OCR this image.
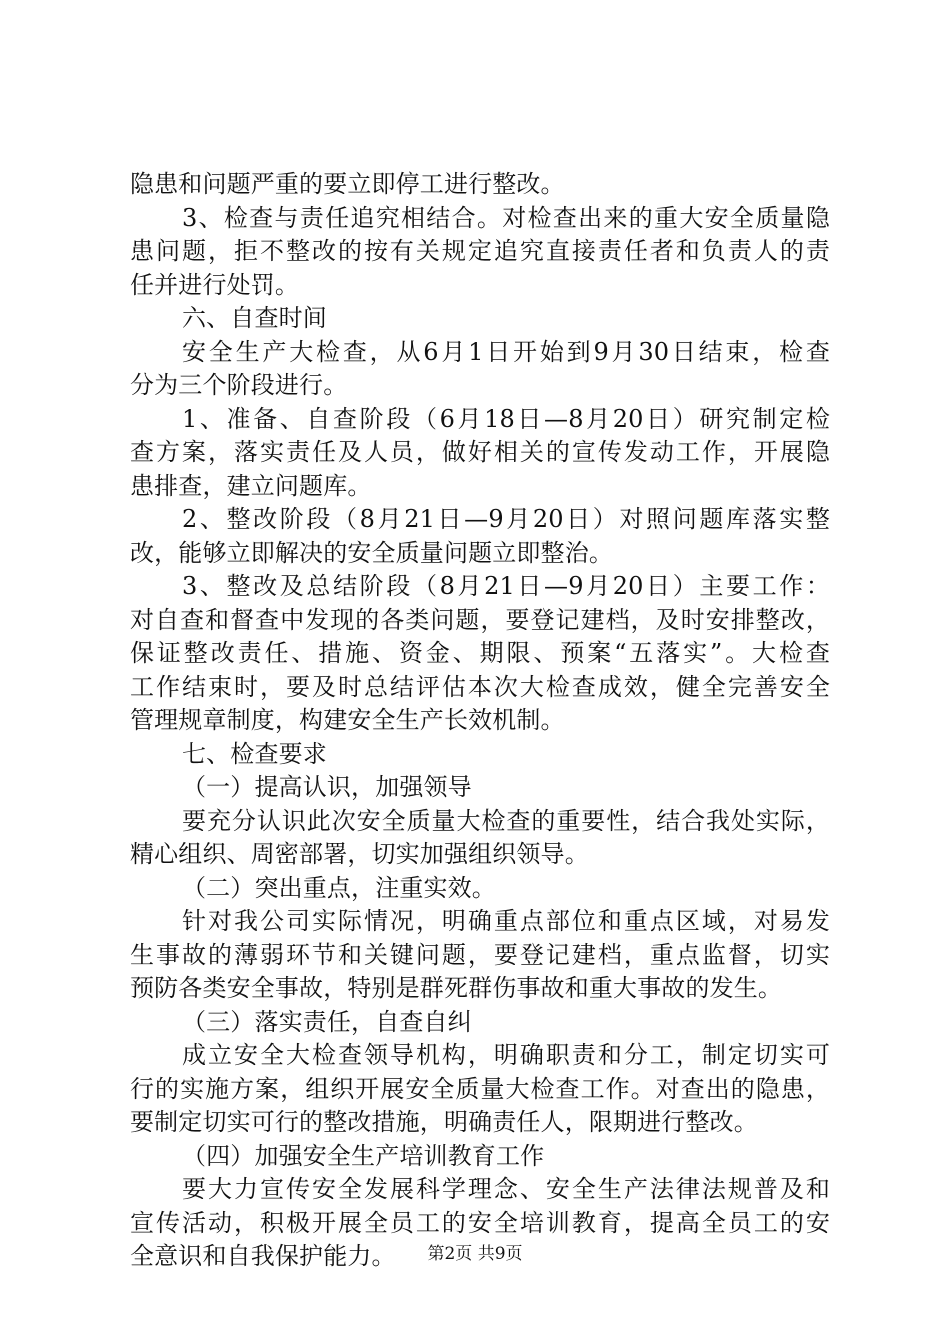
隐患和问题严重的要立即停工进行整改。
3、检查与责任追究相结合。对检查出来的重大安全质量隐
患问题，拒不整改的按有关规定追究直接责任者和负责人的责
任并进行处罚。
六、自查时间
安全生产大检查，从6月1日开始到9月30日结束，检查
分为三个阶段进行。
1、准备、自查阶段（6月18日—8月20日）研究制定检
查方案，落实责任及人员，做好相关的宣传发动工作，开展隐
患排查，建立问题库。
2、整改阶段（8月21日—9月20日）对照问题库落实整
改，能够立即解决的安全质量问题立即整治。
3、整改及总结阶段（8月21日—9月20日）主要工作：
对自查和督查中发现的各类问题，要登记建档，及时安排整改，
保证整改责任、措施、资金、期限、预案“五落实”。大检查
工作结束时，要及时总结评估本次大检查成效，健全完善安全
管理规章制度，构建安全生产长效机制。
七、检查要求
（一）提高认识，加强领导
要充分认识此次安全质量大检查的重要性，结合我处实际，
精心组织、周密部署，切实加强组织领导。
（二）突出重点，注重实效。
针对我公司实际情况，明确重点部位和重点区域，对易发
生事故的薄弱环节和关键问题，要登记建档，重点监督，切实
预防各类安全事故，特别是群死群伤事故和重大事故的发生。
（三）落实责任，自查自纠
成立安全大检查领导机构，明确职责和分工，制定切实可
行的实施方案，组织开展安全质量大检查工作。对查出的隐患，
要制定切实可行的整改措施，明确责任人，限期进行整改。
（四）加强安全生产培训教育工作
要大力宣传安全发展科学理念、安全生产法律法规普及和
宣传活动，积极开展全员工的安全培训教育，提高全员工的安
全意识和自我保护能力。	第2页 共9页
